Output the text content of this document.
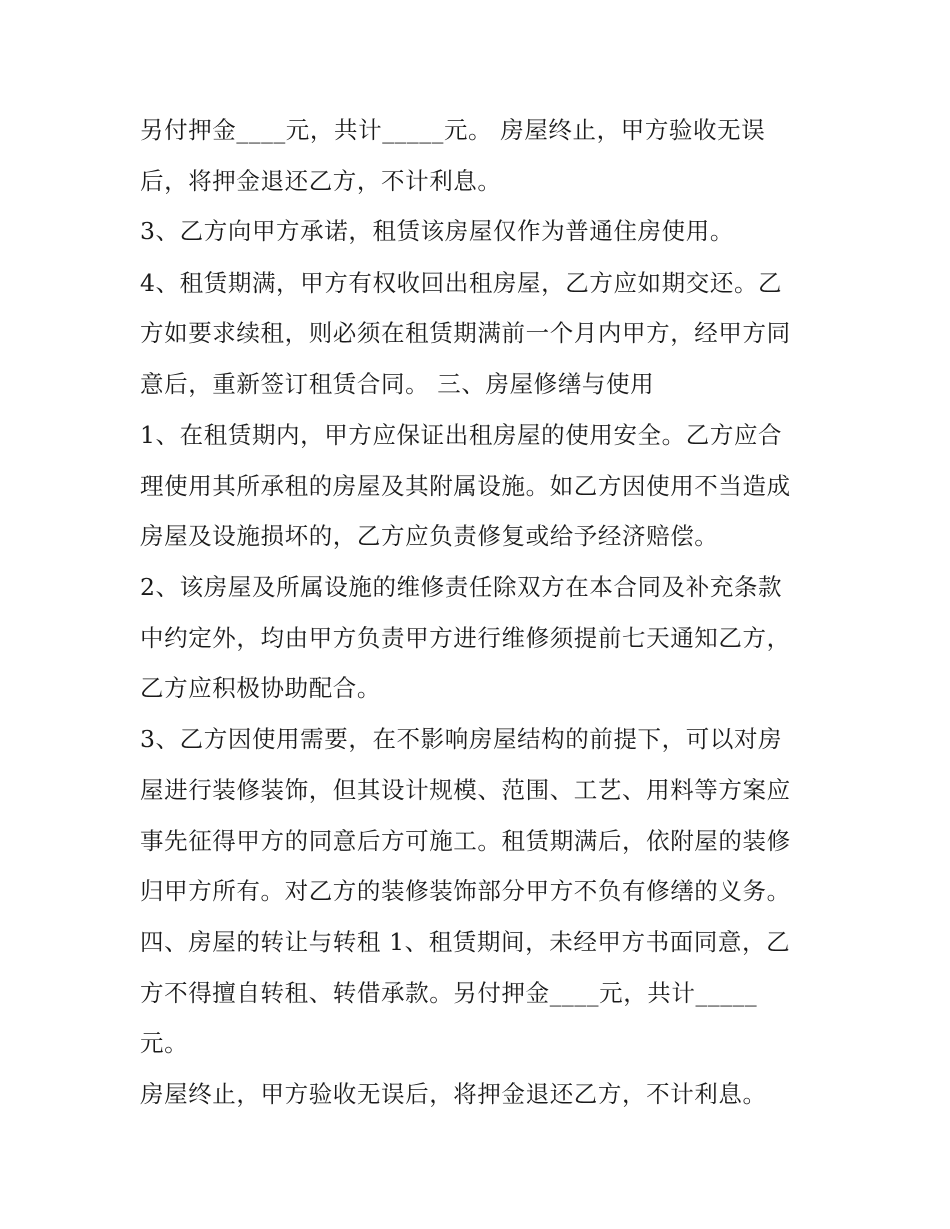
另付押金____元，共计_____元。 房屋终止，甲方验收无误
后，将押金退还乙方，不计利息。
3、乙方向甲方承诺，租赁该房屋仅作为普通住房使用。
4、租赁期满，甲方有权收回出租房屋，乙方应如期交还。乙
方如要求续租，则必须在租赁期满前一个月内甲方，经甲方同
意后，重新签订租赁合同。 三、房屋修缮与使用
1、在租赁期内，甲方应保证出租房屋的使用安全。乙方应合
理使用其所承租的房屋及其附属设施。如乙方因使用不当造成
房屋及设施损坏的，乙方应负责修复或给予经济赔偿。
2、该房屋及所属设施的维修责任除双方在本合同及补充条款
中约定外，均由甲方负责甲方进行维修须提前七天通知乙方，
乙方应积极协助配合。
3、乙方因使用需要，在不影响房屋结构的前提下，可以对房
屋进行装修装饰，但其设计规模、范围、工艺、用料等方案应
事先征得甲方的同意后方可施工。租赁期满后，依附屋的装修
归甲方所有。对乙方的装修装饰部分甲方不负有修缮的义务。
四、房屋的转让与转租 1、租赁期间，未经甲方书面同意，乙
方不得擅自转租、转借承款。另付押金____元，共计_____
元。
房屋终止，甲方验收无误后，将押金退还乙方，不计利息。
